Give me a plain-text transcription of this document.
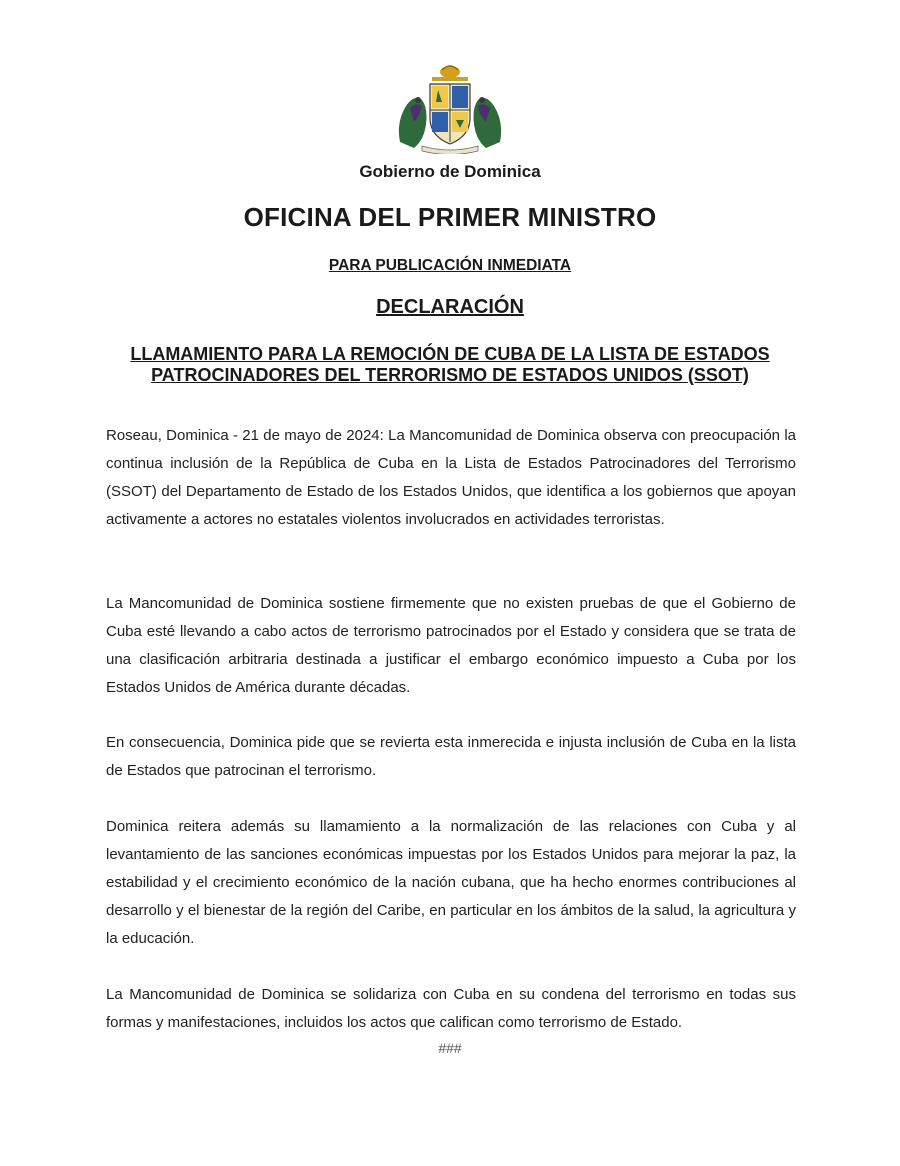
Gobierno de Dominica
OFICINA DEL PRIMER MINISTRO
PARA PUBLICACIÓN INMEDIATA
DECLARACIÓN
LLAMAMIENTO PARA LA REMOCIÓN DE CUBA DE LA LISTA DE ESTADOS
PATROCINADORES DEL TERRORISMO DE ESTADOS UNIDOS (SSOT)

Roseau, Dominica - 21 de mayo de 2024: La Mancomunidad de Dominica observa con preocupación la continua inclusión de la República de Cuba en la Lista de Estados Patrocinadores del Terrorismo (SSOT) del Departamento de Estado de los Estados Unidos, que identifica a los gobiernos que apoyan activamente a actores no estatales violentos involucrados en actividades terroristas.

La Mancomunidad de Dominica sostiene firmemente que no existen pruebas de que el Gobierno de Cuba esté llevando a cabo actos de terrorismo patrocinados por el Estado y considera que se trata de una clasificación arbitraria destinada a justificar el embargo económico impuesto a Cuba por los Estados Unidos de América durante décadas.

En consecuencia, Dominica pide que se revierta esta inmerecida e injusta inclusión de Cuba en la lista de Estados que patrocinan el terrorismo.

Dominica reitera además su llamamiento a la normalización de las relaciones con Cuba y al levantamiento de las sanciones económicas impuestas por los Estados Unidos para mejorar la paz, la estabilidad y el crecimiento económico de la nación cubana, que ha hecho enormes contribuciones al desarrollo y el bienestar de la región del Caribe, en particular en los ámbitos de la salud, la agricultura y la educación.

La Mancomunidad de Dominica se solidariza con Cuba en su condena del terrorismo en todas sus formas y manifestaciones, incluidos los actos que califican como terrorismo de Estado.

###
